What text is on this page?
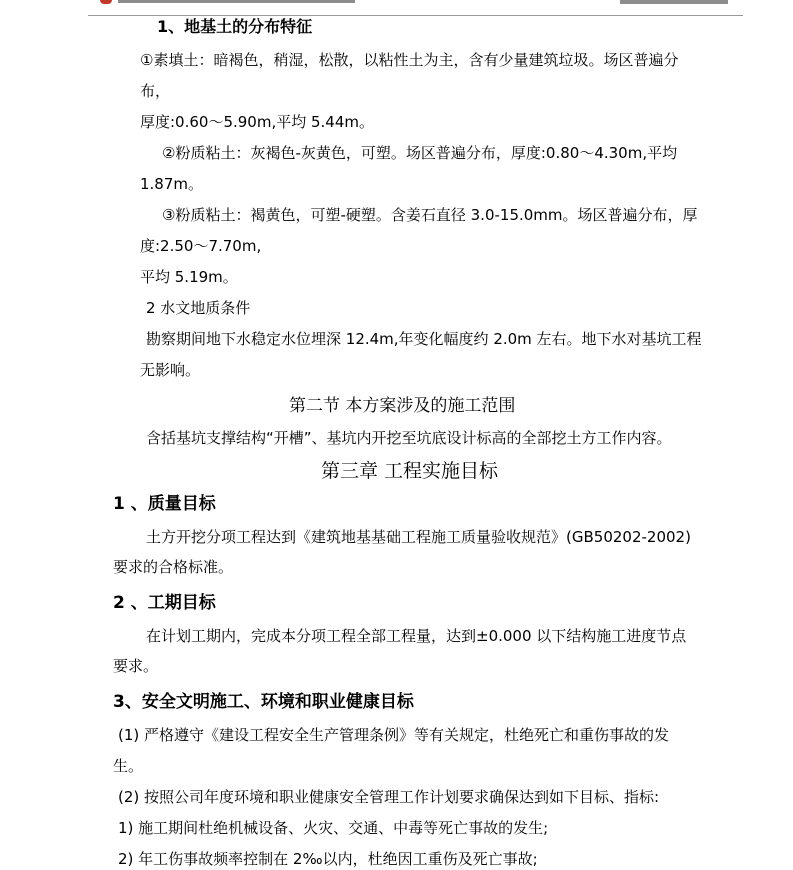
1、地基土的分布特征

①素填土：暗褐色，稍湿，松散，以粘性土为主，含有少量建筑垃圾。场区普遍分

布，

厚度:0.60～5.90m,平均 5.44m。

②粉质粘土：灰褐色-灰黄色，可塑。场区普遍分布，厚度:0.80～4.30m,平均

1.87m。

③粉质粘土：褐黄色，可塑-硬塑。含姜石直径 3.0-15.0mm。场区普遍分布，厚

度:2.50～7.70m,

平均 5.19m。

2 水文地质条件

勘察期间地下水稳定水位埋深 12.4m,年变化幅度约 2.0m 左右。地下水对基坑工程

无影响。

第二节 本方案涉及的施工范围

含括基坑支撑结构“开槽”、基坑内开挖至坑底设计标高的全部挖土方工作内容。

第三章 工程实施目标

1 、质量目标

土方开挖分项工程达到《建筑地基基础工程施工质量验收规范》(GB50202-2002)

要求的合格标准。

2 、工期目标

在计划工期内，完成本分项工程全部工程量，达到±0.000 以下结构施工进度节点

要求。

3、安全文明施工、环境和职业健康目标

(1) 严格遵守《建设工程安全生产管理条例》等有关规定，杜绝死亡和重伤事故的发

生。

(2) 按照公司年度环境和职业健康安全管理工作计划要求确保达到如下目标、指标:

1) 施工期间杜绝机械设备、火灾、交通、中毒等死亡事故的发生;

2) 年工伤事故频率控制在 2‰以内，杜绝因工重伤及死亡事故;
